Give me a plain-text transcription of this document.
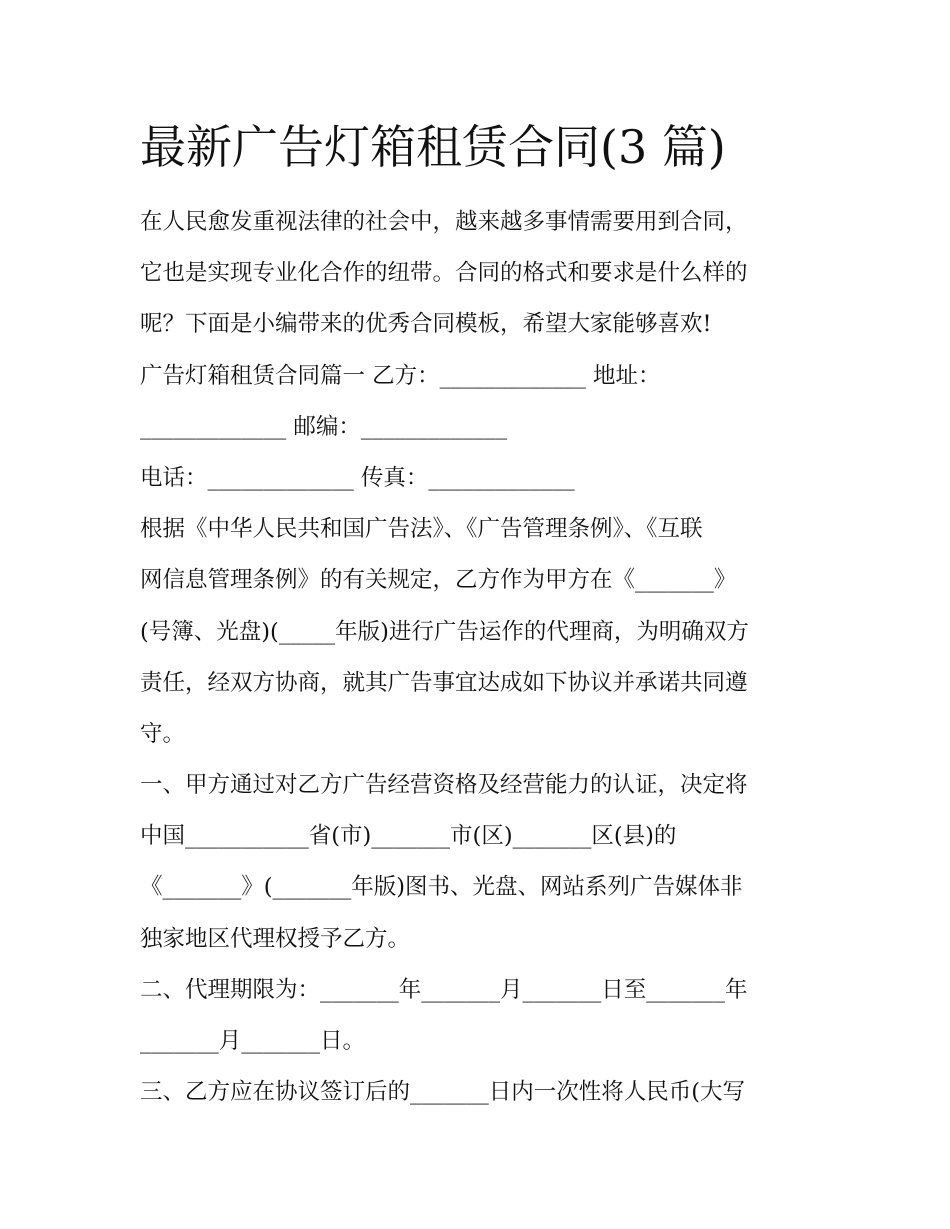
最新广告灯箱租赁合同(3 篇)
在人民愈发重视法律的社会中，越来越多事情需要用到合同，
它也是实现专业化合作的纽带。合同的格式和要求是什么样的
呢？下面是小编带来的优秀合同模板，希望大家能够喜欢!
广告灯箱租赁合同篇一 乙方：_____________ 地址：
_____________ 邮编：_____________
电话：_____________ 传真：_____________
根据《中华人民共和国广告法》、《广告管理条例》、《互联
网信息管理条例》的有关规定，乙方作为甲方在《_______》
(号簿、光盘)(_____年版)进行广告运作的代理商，为明确双方
责任，经双方协商，就其广告事宜达成如下协议并承诺共同遵
守。
一、甲方通过对乙方广告经营资格及经营能力的认证，决定将
中国___________省(市)_______市(区)_______区(县)的
《_______》(_______年版)图书、光盘、网站系列广告媒体非
独家地区代理权授予乙方。
二、代理期限为：_______年_______月_______日至_______年
_______月_______日。
三、乙方应在协议签订后的_______日内一次性将人民币(大写
